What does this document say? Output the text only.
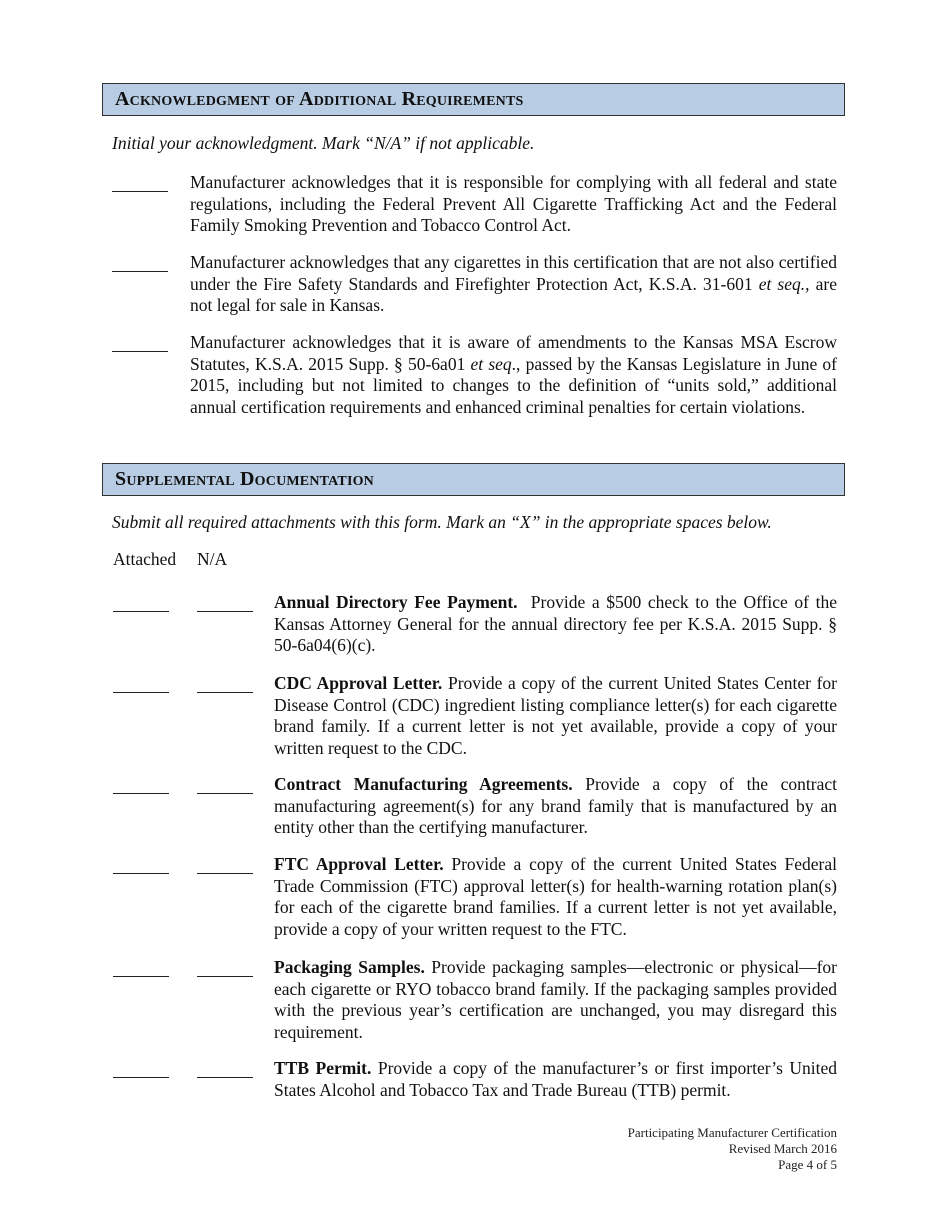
Acknowledgment of Additional Requirements
Initial your acknowledgment. Mark “N/A” if not applicable.
Manufacturer acknowledges that it is responsible for complying with all federal and state regulations, including the Federal Prevent All Cigarette Trafficking Act and the Federal Family Smoking Prevention and Tobacco Control Act.
Manufacturer acknowledges that any cigarettes in this certification that are not also certified under the Fire Safety Standards and Firefighter Protection Act, K.S.A. 31-601 et seq., are not legal for sale in Kansas.
Manufacturer acknowledges that it is aware of amendments to the Kansas MSA Escrow Statutes, K.S.A. 2015 Supp. § 50-6a01 et seq., passed by the Kansas Legislature in June of 2015, including but not limited to changes to the definition of “units sold,” additional annual certification requirements and enhanced criminal penalties for certain violations.
Supplemental Documentation
Submit all required attachments with this form. Mark an “X” in the appropriate spaces below.
Attached N/A
Annual Directory Fee Payment.  Provide a $500 check to the Office of the Kansas Attorney General for the annual directory fee per K.S.A. 2015 Supp. § 50-6a04(6)(c).
CDC Approval Letter. Provide a copy of the current United States Center for Disease Control (CDC) ingredient listing compliance letter(s) for each cigarette brand family. If a current letter is not yet available, provide a copy of your written request to the CDC.
Contract Manufacturing Agreements. Provide a copy of the contract manufacturing agreement(s) for any brand family that is manufactured by an entity other than the certifying manufacturer.
FTC Approval Letter. Provide a copy of the current United States Federal Trade Commission (FTC) approval letter(s) for health-warning rotation plan(s) for each of the cigarette brand families. If a current letter is not yet available, provide a copy of your written request to the FTC.
Packaging Samples. Provide packaging samples—electronic or physical—for each cigarette or RYO tobacco brand family. If the packaging samples provided with the previous year’s certification are unchanged, you may disregard this requirement.
TTB Permit. Provide a copy of the manufacturer’s or first importer’s United States Alcohol and Tobacco Tax and Trade Bureau (TTB) permit.
Participating Manufacturer Certification
Revised March 2016
Page 4 of 5
